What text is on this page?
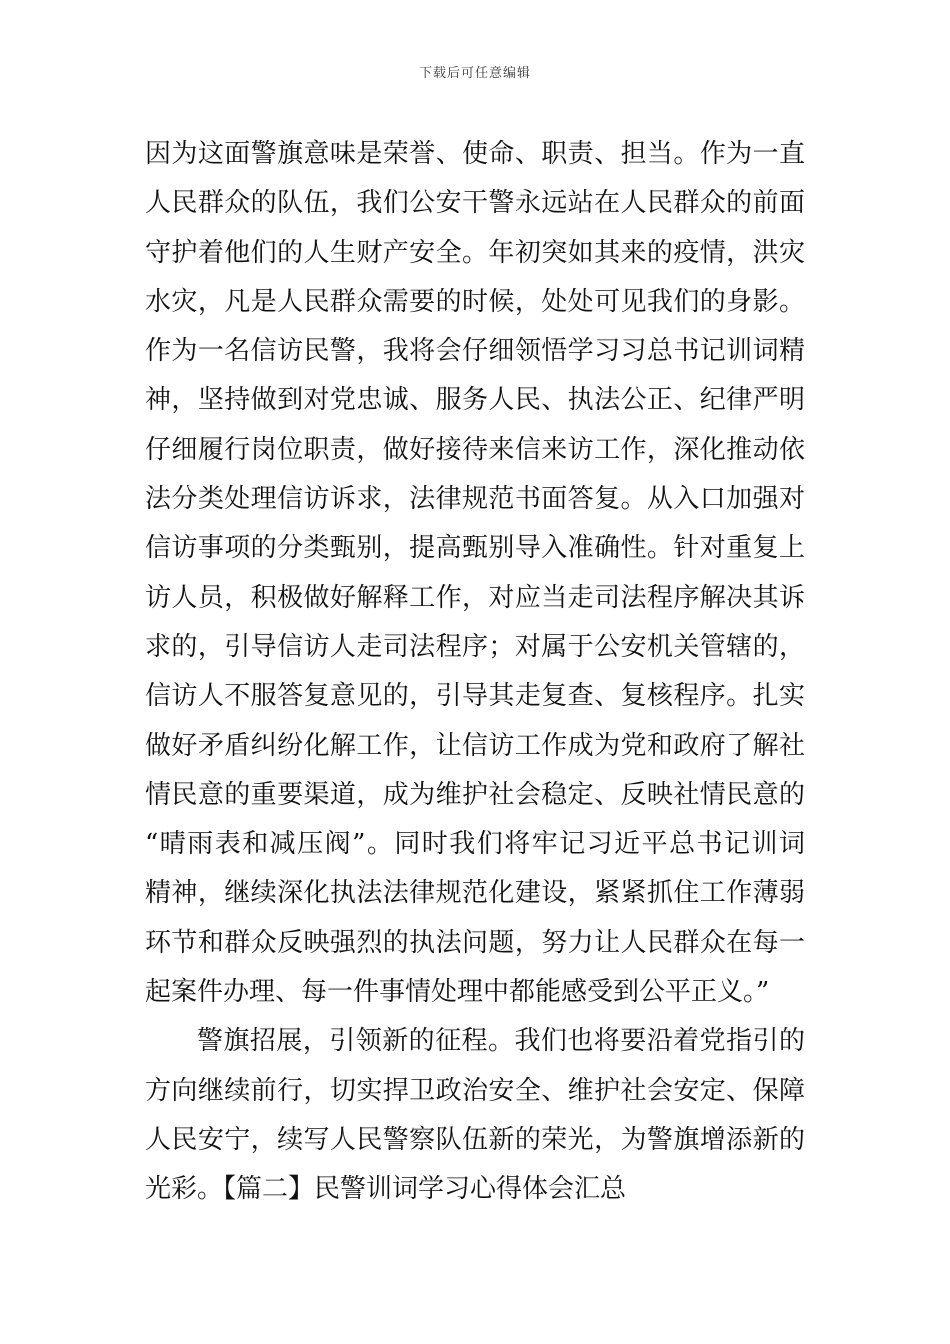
下载后可任意编辑
因为这面警旗意味是荣誉、使命、职责、担当。作为一直
人民群众的队伍，我们公安干警永远站在人民群众的前面
守护着他们的人生财产安全。年初突如其来的疫情，洪灾
水灾，凡是人民群众需要的时候，处处可见我们的身影。
作为一名信访民警，我将会仔细领悟学习习总书记训词精
神，坚持做到对党忠诚、服务人民、执法公正、纪律严明
仔细履行岗位职责，做好接待来信来访工作，深化推动依
法分类处理信访诉求，法律规范书面答复。从入口加强对
信访事项的分类甄别，提高甄别导入准确性。针对重复上
访人员，积极做好解释工作，对应当走司法程序解决其诉
求的，引导信访人走司法程序；对属于公安机关管辖的，
信访人不服答复意见的，引导其走复查、复核程序。扎实
做好矛盾纠纷化解工作，让信访工作成为党和政府了解社
情民意的重要渠道，成为维护社会稳定、反映社情民意的
“晴雨表和减压阀”。同时我们将牢记习近平总书记训词
精神，继续深化执法法律规范化建设，紧紧抓住工作薄弱
环节和群众反映强烈的执法问题，努力让人民群众在每一
起案件办理、每一件事情处理中都能感受到公平正义。”
警旗招展，引领新的征程。我们也将要沿着党指引的
方向继续前行，切实捍卫政治安全、维护社会安定、保障
人民安宁，续写人民警察队伍新的荣光，为警旗增添新的
光彩。【篇二】民警训词学习心得体会汇总
